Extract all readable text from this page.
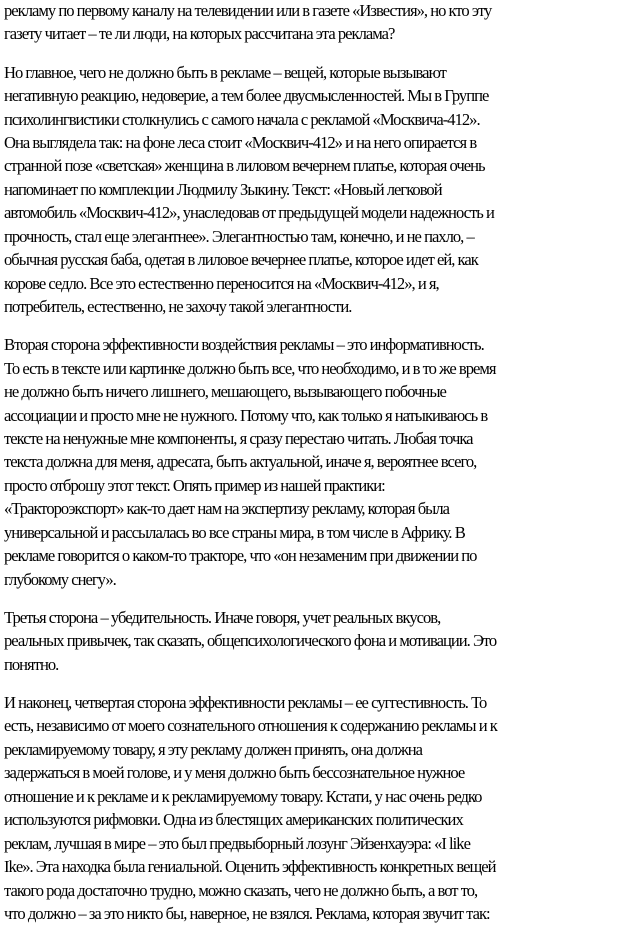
рекламу по первому каналу на телевидении или в газете «Известия», но кто эту
газету читает – те ли люди, на которых рассчитана эта реклама?
Но главное, чего не должно быть в рекламе – вещей, которые вызывают
негативную реакцию, недоверие, а тем более двусмысленностей. Мы в Группе
психолингвистики столкнулись с самого начала с рекламой «Москвича-412».
Она выглядела так: на фоне леса стоит «Москвич-412» и на него опирается в
странной позе «светская» женщина в лиловом вечернем платье, которая очень
напоминает по комплекции Людмилу Зыкину. Текст: «Новый легковой
автомобиль «Москвич-412», унаследовав от предыдущей модели надежность и
прочность, стал еще элегантнее». Элегантностью там, конечно, и не пахло, –
обычная русская баба, одетая в лиловое вечернее платье, которое идет ей, как
корове седло. Все это естественно переносится на «Москвич-412», и я,
потребитель, естественно, не захочу такой элегантности.
Вторая сторона эффективности воздействия рекламы – это информативность.
То есть в тексте или картинке должно быть все, что необходимо, и в то же время
не должно быть ничего лишнего, мешающего, вызывающего побочные
ассоциации и просто мне не нужного. Потому что, как только я натыкиваюсь в
тексте на ненужные мне компоненты, я сразу перестаю читать. Любая точка
текста должна для меня, адресата, быть актуальной, иначе я, вероятнее всего,
просто отброшу этот текст. Опять пример из нашей практики:
«Трактороэкспорт» как-то дает нам на экспертизу рекламу, которая была
универсальной и рассылалась во все страны мира, в том числе в Африку. В
рекламе говорится о каком-то тракторе, что «он незаменим при движении по
глубокому снегу».
Третья сторона – убедительность. Иначе говоря, учет реальных вкусов,
реальных привычек, так сказать, общепсихологического фона и мотивации. Это
понятно.
И наконец, четвертая сторона эффективности рекламы – ее суггестивность. То
есть, независимо от моего сознательного отношения к содержанию рекламы и к
рекламируемому товару, я эту рекламу должен принять, она должна
задержаться в моей голове, и у меня должно быть бессознательное нужное
отношение и к рекламе и к рекламируемому товару. Кстати, у нас очень редко
используются рифмовки. Одна из блестящих американских политических
реклам, лучшая в мире – это был предвыборный лозунг Эйзенхауэра: «I like
Ike». Эта находка была гениальной. Оценить эффективность конкретных вещей
такого рода достаточно трудно, можно сказать, чего не должно быть, а вот то,
что должно – за это никто бы, наверное, не взялся. Реклама, которая звучит так:
